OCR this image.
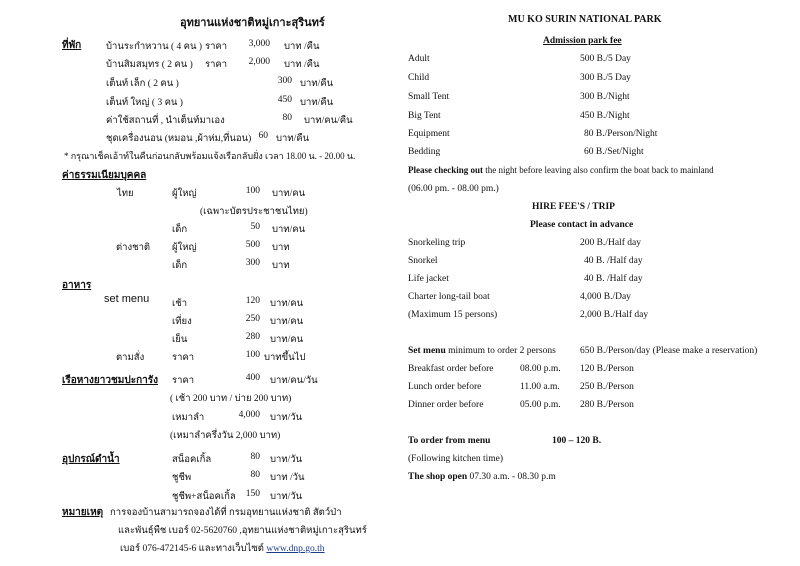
อุทยานแห่งชาติหมู่เกาะสุรินทร์
ที่พัก	บ้านระกำหวาน ( 4 คน ) ราคา	3,000 บาท /คืน
บ้านสิมสมุทร ( 2 คน ) ราคา	2,000 บาท /คืน
เต็นท์ เล็ก ( 2 คน )	300 บาท/คืน
เต็นท์ ใหญ่ ( 3 คน )	450 บาท/คืน
ค่าใช้สถานที่ , นำเต็นท์มาเอง	80 บาท/คน/คืน
ชุดเครื่องนอน (หมอน ,ผ้าห่ม,ที่นอน) 60 บาท/คืน
* กรุณาเช็คเอ้าท์ในคืนก่อนกลับพร้อมแจ้งเรือกลับฝั่ง เวลา 18.00 น. - 20.00 น.
ค่าธรรมเนียมบุคคล
ไทย	ผู้ใหญ่	100 บาท/คน
(เฉพาะบัตรประชาชนไทย)
เด็ก	50 บาท/คน
ต่างชาติ ผู้ใหญ่	500 บาท
เด็ก	300 บาท
อาหาร
set menu เช้า	120 บาท/คน
เที่ยง	250 บาท/คน
เย็น	280 บาท/คน
ตามสั่ง	ราคา	100 บาทขึ้นไป
เรือหางยาวชมปะการัง ราคา	400 บาท/คน/วัน
( เช้า 200 บาท / บ่าย 200 บาท)
เหมาลำ	4,000 บาท/วัน
(เหมาลำครึ่งวัน 2,000 บาท)
อุปกรณ์ดำน้ำ	สน็อคเกิ้ล	80 บาท/วัน
ชูชีพ	80 บาท /วัน
ชูชีพ+สน็อคเกิ้ล	150 บาท/วัน
หมายเหตุ การจองบ้านสามารถจองได้ที่ กรมอุทยานแห่งชาติ สัตว์ป่า
และพันธุ์พืช เบอร์ 02-5620760 ,อุทยานแห่งชาติหมู่เกาะสุรินทร์
เบอร์ 076-472145-6 และทางเว็บไซต์ www.dnp.go.th
MU KO SURIN NATIONAL PARK
Admission park fee
Adult	500 B./5 Day
Child	300 B./5 Day
Small Tent	300 B./Night
Big Tent	450 B./Night
Equipment	80 B./Person/Night
Bedding	60 B./Set/Night
Please checking out the night before leaving also confirm the boat back to mainland
(06.00 pm. - 08.00 pm.)
HIRE FEE'S / TRIP
Please contact in advance
Snorkeling trip	200 B./Half day
Snorkel	40 B. /Half day
Life jacket	40 B. /Half day
Charter long-tail boat	4,000 B./Day
(Maximum 15 persons)	2,000 B./Half day
Set menu minimum to order 2 persons	650 B./Person/day (Please make a reservation)
Breakfast order before	08.00 p.m. 120 B./Person
Lunch order before	11.00 a.m. 250 B./Person
Dinner order before	05.00 p.m. 280 B./Person
To order from menu	100 – 120 B.
(Following kitchen time)
The shop open 07.30 a.m. - 08.30 p.m
